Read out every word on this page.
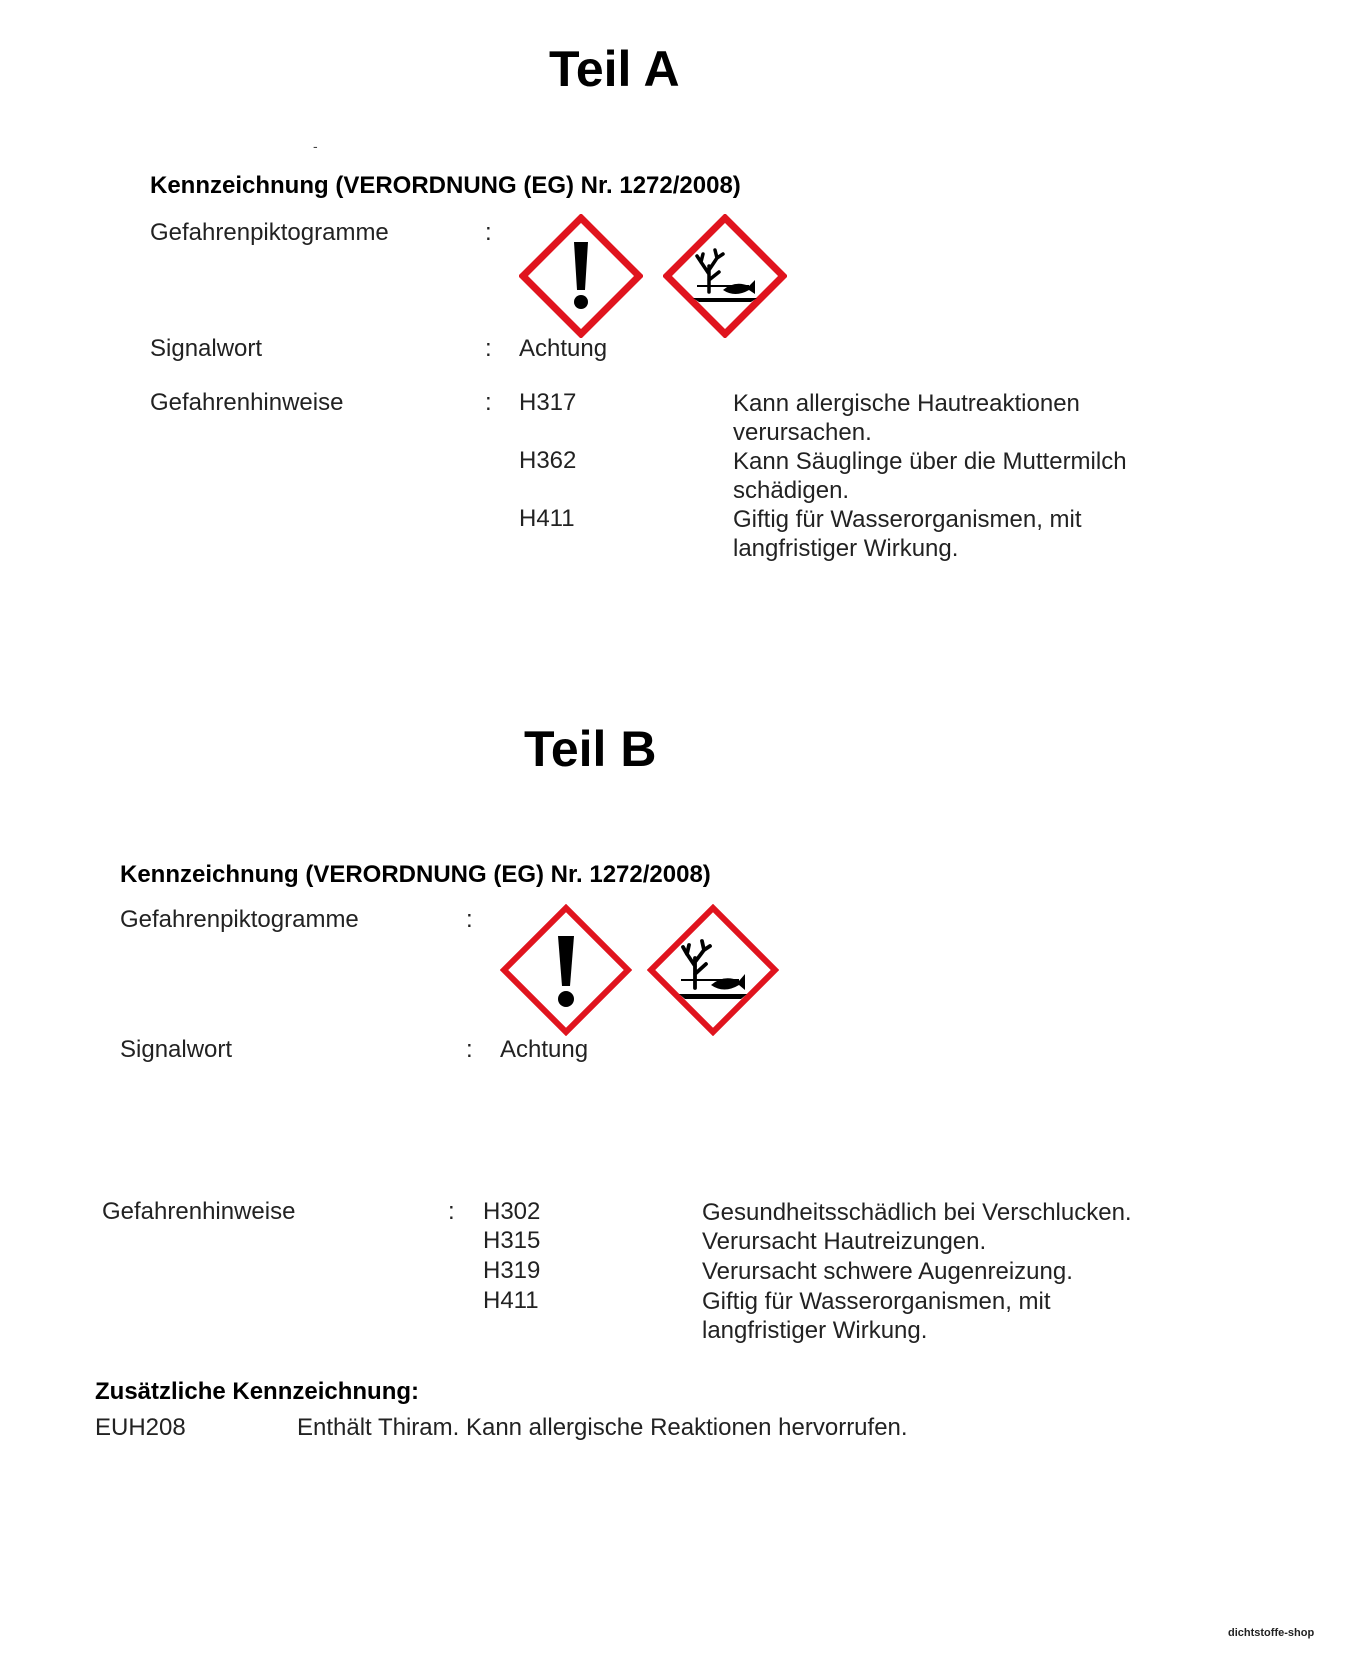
Teil A
-
Kennzeichnung (VERORDNUNG (EG) Nr. 1272/2008)
Gefahrenpiktogramme	:
Signalwort	: Achtung
Gefahrenhinweise	: H317	Kann allergische Hautreaktionen verursachen.
H362	Kann Säuglinge über die Muttermilch schädigen.
H411	Giftig für Wasserorganismen, mit langfristiger Wirkung.
Teil B
Kennzeichnung (VERORDNUNG (EG) Nr. 1272/2008)
Gefahrenpiktogramme	:
Signalwort	: Achtung
Gefahrenhinweise	: H302	Gesundheitsschädlich bei Verschlucken.
H315	Verursacht Hautreizungen.
H319	Verursacht schwere Augenreizung.
H411	Giftig für Wasserorganismen, mit langfristiger Wirkung.
Zusätzliche Kennzeichnung:
EUH208	Enthält Thiram. Kann allergische Reaktionen hervorrufen.
dichtstoffe-shop
